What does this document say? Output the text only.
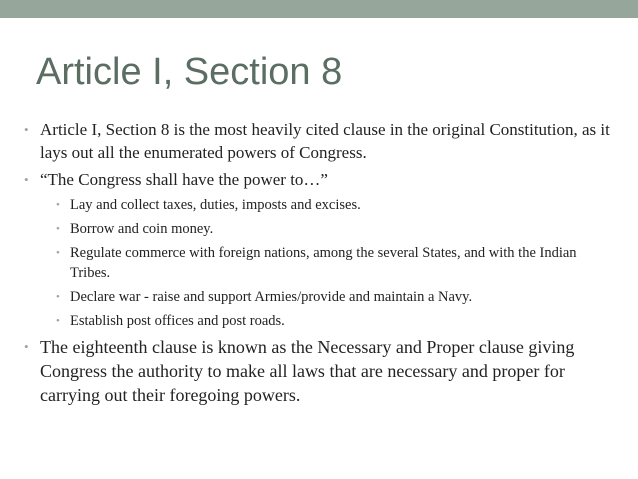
Article I, Section 8
• Article I, Section 8 is the most heavily cited clause in the original Constitution, as it lays out all the enumerated powers of Congress.
• “The Congress shall have the power to…”
• Lay and collect taxes, duties, imposts and excises.
• Borrow and coin money.
• Regulate commerce with foreign nations, among the several States, and with the Indian Tribes.
• Declare war - raise and support Armies/provide and maintain a Navy.
• Establish post offices and post roads.
• The eighteenth clause is known as the Necessary and Proper clause giving Congress the authority to make all laws that are necessary and proper for carrying out their foregoing powers.
